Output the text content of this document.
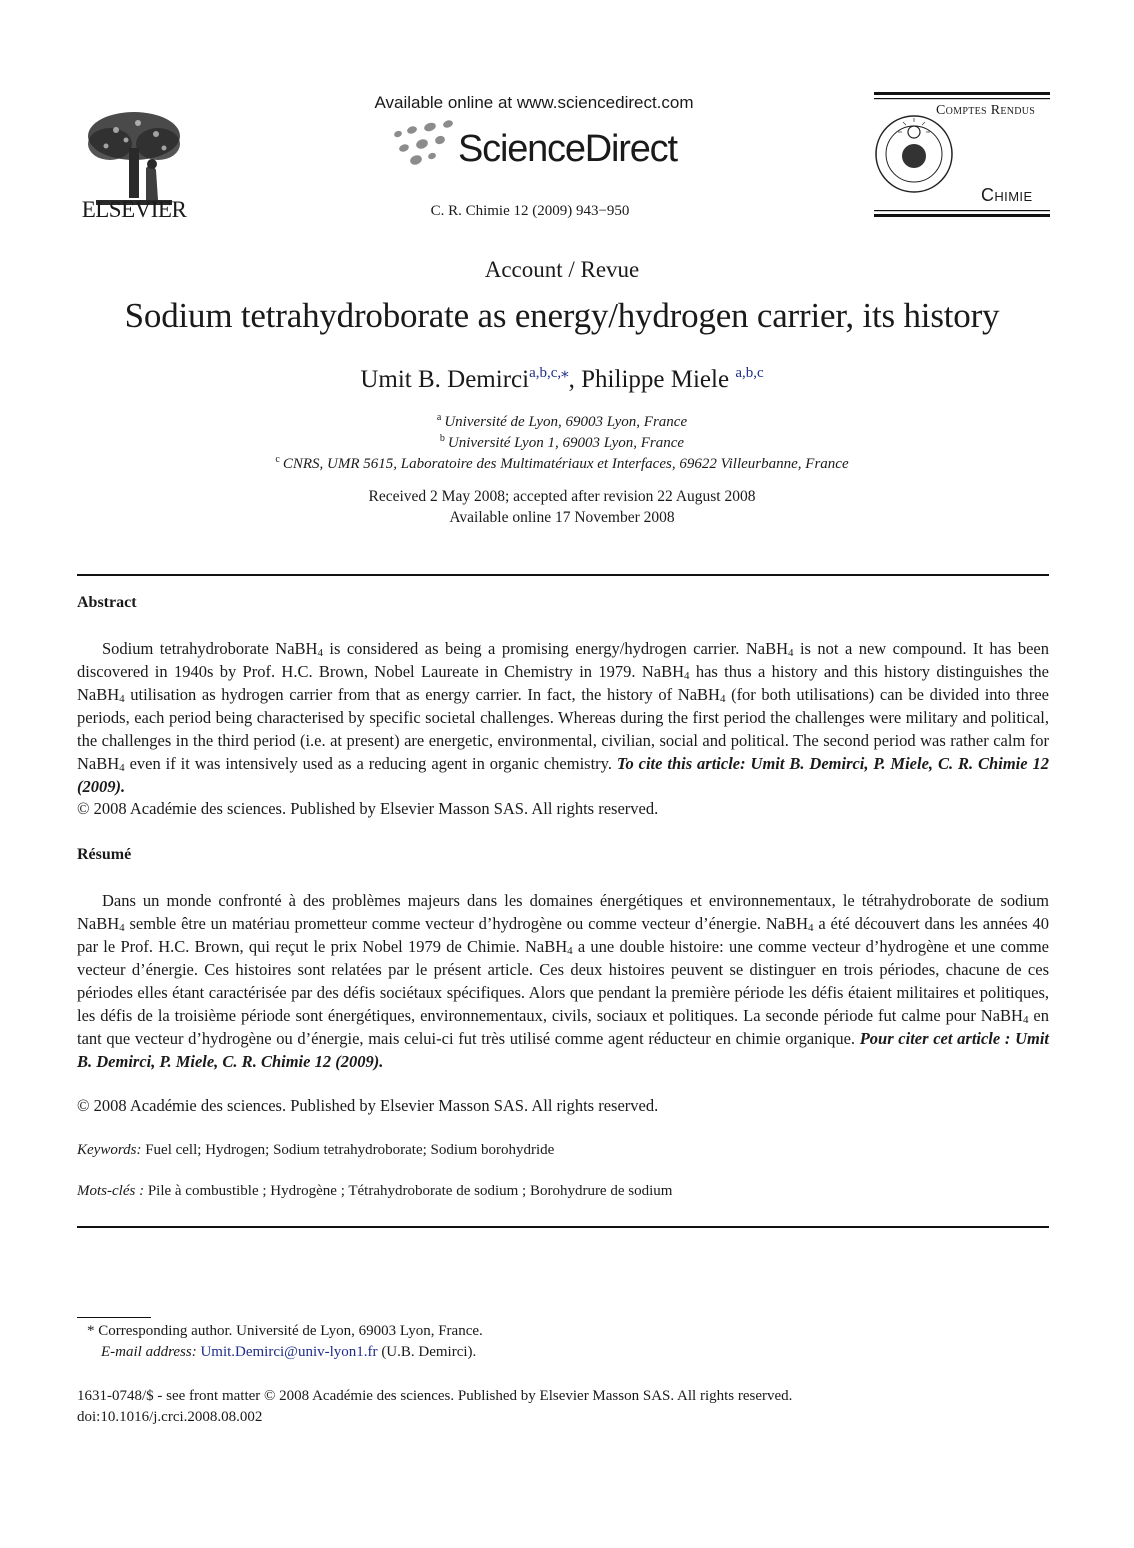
ELSEVIER
Available online at www.sciencedirect.com
ScienceDirect
C. R. Chimie 12 (2009) 943−950
Comptes Rendus
Chimie
Account / Revue
Sodium tetrahydroborate as energy/hydrogen carrier, its history
Umit B. Demirci$^{a,b,c,⁎}$, Philippe Miele $^{a,b,c}$
$^a$ Université de Lyon, 69003 Lyon, France
$^b$ Université Lyon 1, 69003 Lyon, France
$^c$ CNRS, UMR 5615, Laboratoire des Multimatériaux et Interfaces, 69622 Villeurbanne, France
Received 2 May 2008; accepted after revision 22 August 2008
Available online 17 November 2008
Abstract

Sodium tetrahydroborate NaBH$_4$ is considered as being a promising energy/hydrogen carrier. NaBH$_4$ is not a new compound. It has been discovered in 1940s by Prof. H.C. Brown, Nobel Laureate in Chemistry in 1979. NaBH$_4$ has thus a history and this history distinguishes the NaBH$_4$ utilisation as hydrogen carrier from that as energy carrier. In fact, the history of NaBH$_4$ (for both utilisations) can be divided into three periods, each period being characterised by specific societal challenges. Whereas during the first period the challenges were military and political, the challenges in the third period (i.e. at present) are energetic, environmental, civilian, social and political. The second period was rather calm for NaBH$_4$ even if it was intensively used as a reducing agent in organic chemistry. To cite this article: Umit B. Demirci, P. Miele, C. R. Chimie 12 (2009).

© 2008 Académie des sciences. Published by Elsevier Masson SAS. All rights reserved.
Résumé

Dans un monde confronté à des problèmes majeurs dans les domaines énergétiques et environnementaux, le tétrahydroborate de sodium NaBH$_4$ semble être un matériau prometteur comme vecteur d’hydrogène ou comme vecteur d’énergie. NaBH$_4$ a été découvert dans les années 40 par le Prof. H.C. Brown, qui reçut le prix Nobel 1979 de Chimie. NaBH$_4$ a une double histoire: une comme vecteur d’hydrogène et une comme vecteur d’énergie. Ces histoires sont relatées par le présent article. Ces deux histoires peuvent se distinguer en trois périodes, chacune de ces périodes elles étant caractérisée par des défis sociétaux spécifiques. Alors que pendant la première période les défis étaient militaires et politiques, les défis de la troisième période sont énergétiques, environnementaux, civils, sociaux et politiques. La seconde période fut calme pour NaBH$_4$ en tant que vecteur d’hydrogène ou d’énergie, mais celui-ci fut très utilisé comme agent réducteur en chimie organique. Pour citer cet article : Umit B. Demirci, P. Miele, C. R. Chimie 12 (2009).

© 2008 Académie des sciences. Published by Elsevier Masson SAS. All rights reserved.
Keywords: Fuel cell; Hydrogen; Sodium tetrahydroborate; Sodium borohydride
Mots-clés : Pile à combustible ; Hydrogène ; Tétrahydroborate de sodium ; Borohydrure de sodium
* Corresponding author. Université de Lyon, 69003 Lyon, France.
E-mail address: Umit.Demirci@univ-lyon1.fr (U.B. Demirci).
1631-0748/$ - see front matter © 2008 Académie des sciences. Published by Elsevier Masson SAS. All rights reserved.
doi:10.1016/j.crci.2008.08.002
